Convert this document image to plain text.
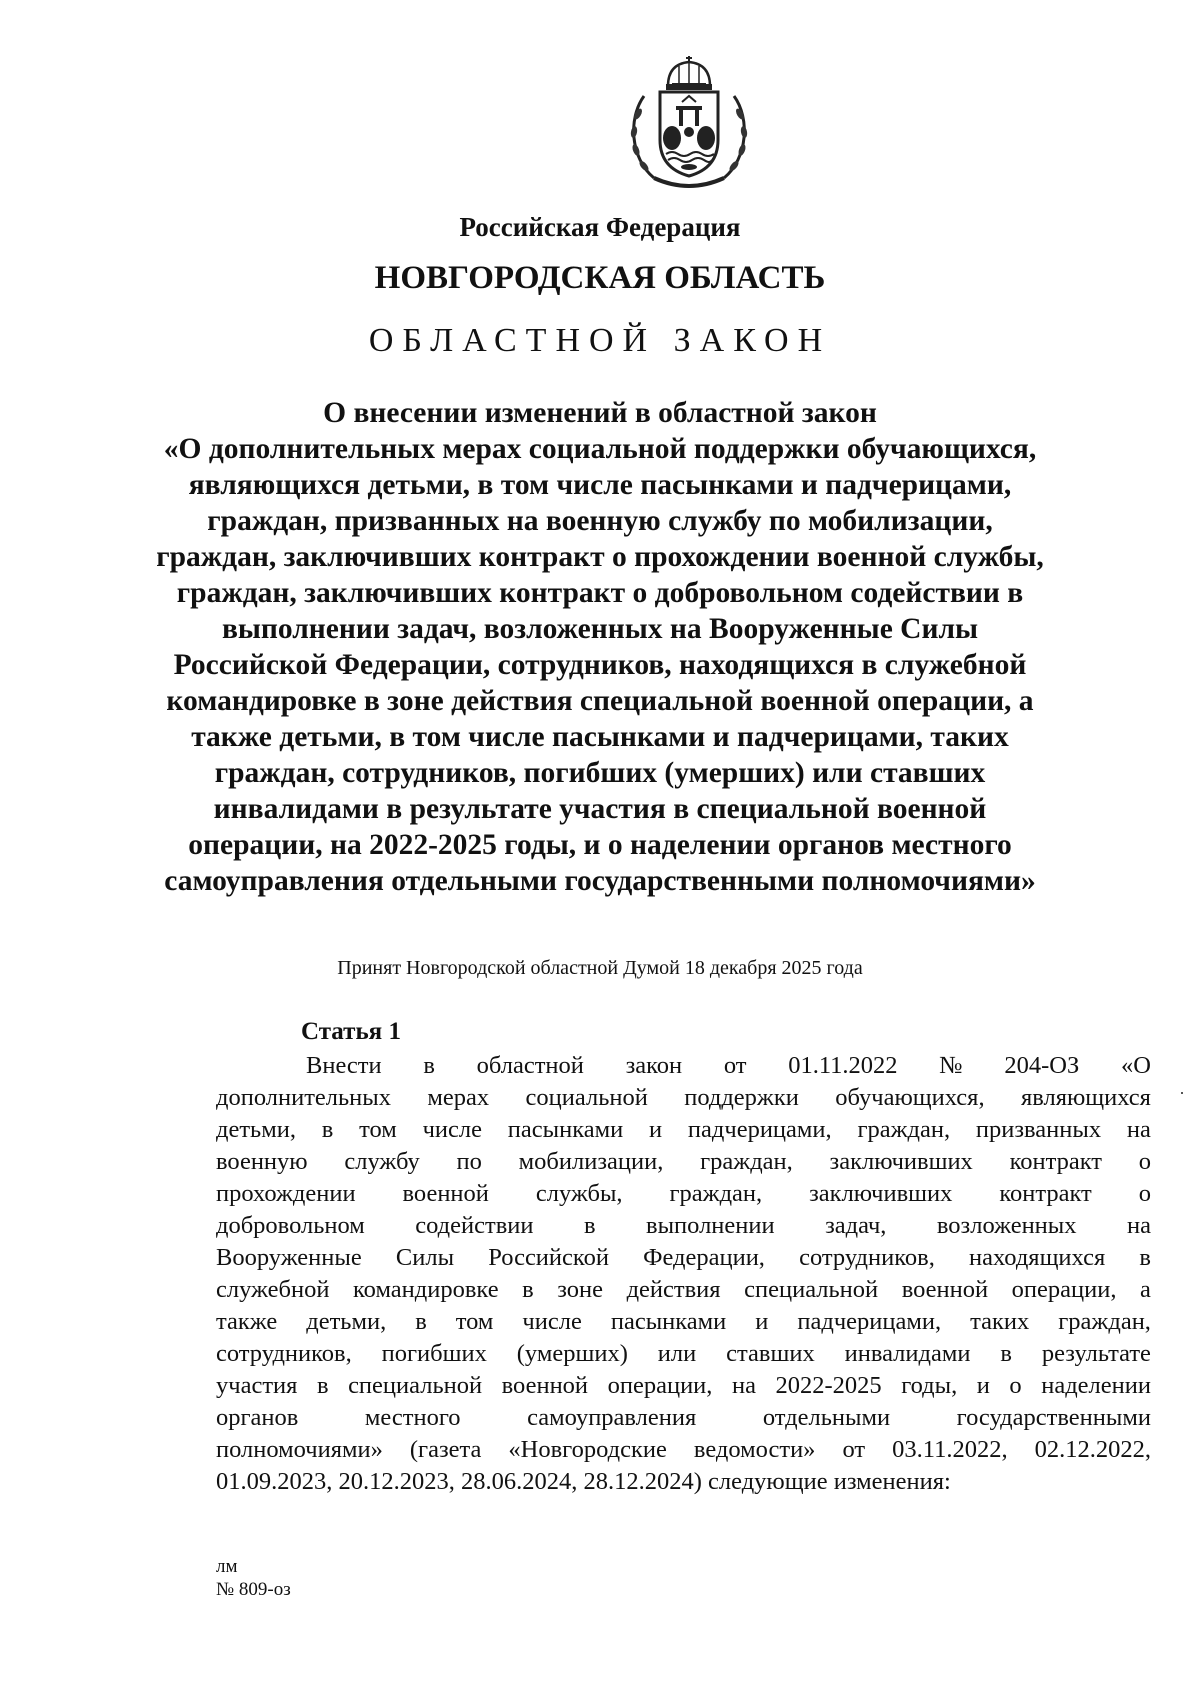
Российская Федерация
НОВГОРОДСКАЯ ОБЛАСТЬ
ОБЛАСТНОЙ ЗАКОН
О внесении изменений в областной закон
«О дополнительных мерах социальной поддержки обучающихся,
являющихся детьми, в том числе пасынками и падчерицами,
граждан, призванных на военную службу по мобилизации,
граждан, заключивших контракт о прохождении военной службы,
граждан, заключивших контракт о добровольном содействии в
выполнении задач, возложенных на Вооруженные Силы
Российской Федерации, сотрудников, находящихся в служебной
командировке в зоне действия специальной военной операции, а
также детьми, в том числе пасынками и падчерицами, таких
граждан, сотрудников, погибших (умерших) или ставших
инвалидами в результате участия в специальной военной
операции, на 2022-2025 годы, и о наделении органов местного
самоуправления отдельными государственными полномочиями»
Принят Новгородской областной Думой 18 декабря 2025 года
Статья 1
Внести в областной закон от 01.11.2022 № 204-ОЗ «О
дополнительных мерах социальной поддержки обучающихся, являющихся
детьми, в том числе пасынками и падчерицами, граждан, призванных на
военную службу по мобилизации, граждан, заключивших контракт о
прохождении военной службы, граждан, заключивших контракт о
добровольном содействии в выполнении задач, возложенных на
Вооруженные Силы Российской Федерации, сотрудников, находящихся в
служебной командировке в зоне действия специальной военной операции, а
также детьми, в том числе пасынками и падчерицами, таких граждан,
сотрудников, погибших (умерших) или ставших инвалидами в результате
участия в специальной военной операции, на 2022-2025 годы, и о наделении
органов	местного	самоуправления	отдельными	государственными
полномочиями» (газета «Новгородские ведомости» от 03.11.2022, 02.12.2022,
01.09.2023, 20.12.2023, 28.06.2024, 28.12.2024) следующие изменения:
лм
№ 809-оз
